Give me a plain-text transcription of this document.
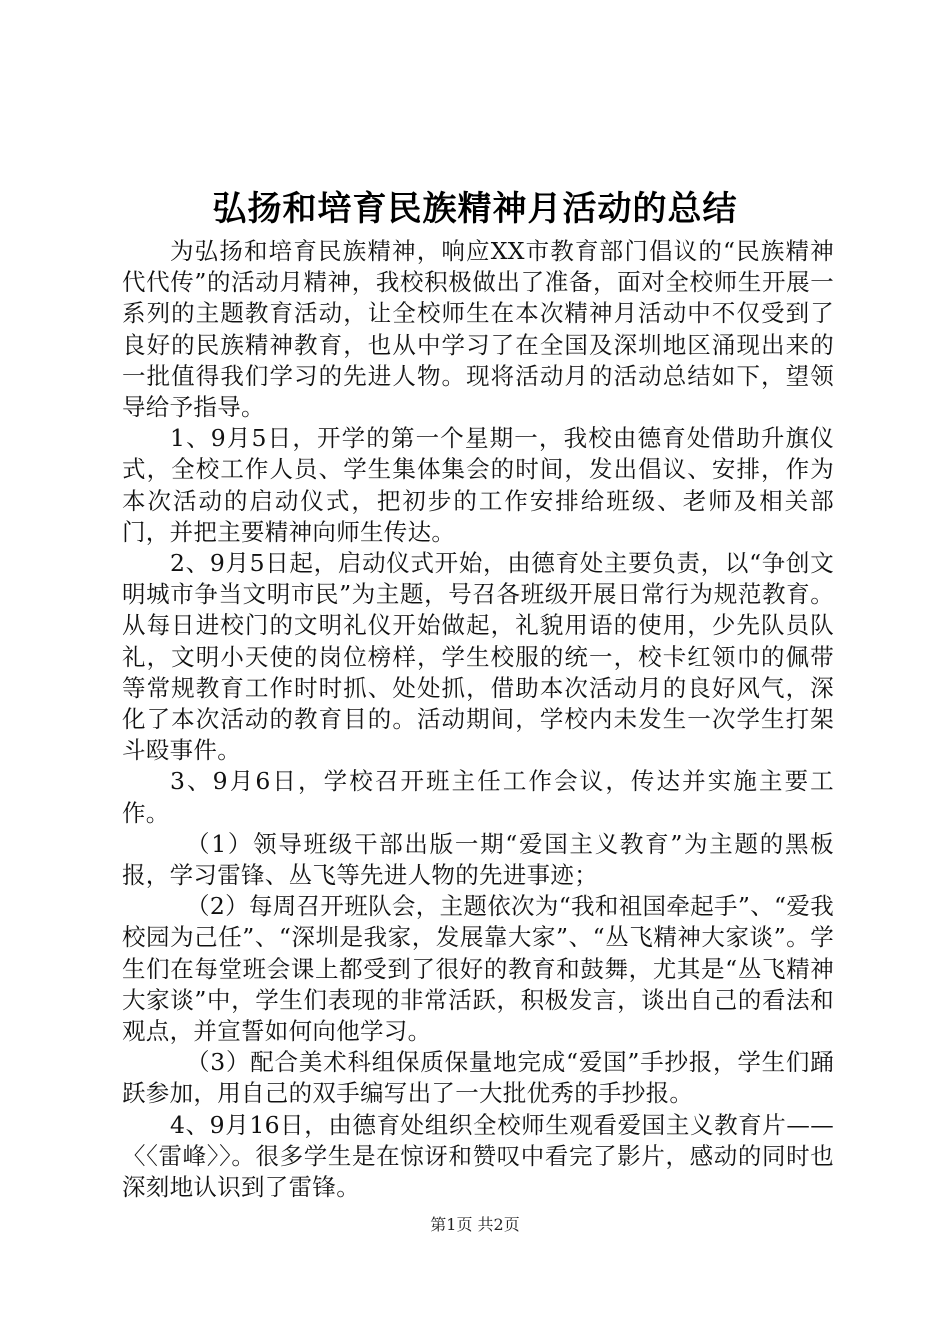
弘扬和培育民族精神月活动的总结

为弘扬和培育民族精神，响应XX市教育部门倡议的“民族精神代代传”的活动月精神，我校积极做出了准备，面对全校师生开展一系列的主题教育活动，让全校师生在本次精神月活动中不仅受到了良好的民族精神教育，也从中学习了在全国及深圳地区涌现出来的一批值得我们学习的先进人物。现将活动月的活动总结如下，望领导给予指导。

1、9月5日，开学的第一个星期一，我校由德育处借助升旗仪式，全校工作人员、学生集体集会的时间，发出倡议、安排，作为本次活动的启动仪式，把初步的工作安排给班级、老师及相关部门，并把主要精神向师生传达。

2、9月5日起，启动仪式开始，由德育处主要负责，以“争创文明城市争当文明市民”为主题，号召各班级开展日常行为规范教育。从每日进校门的文明礼仪开始做起，礼貌用语的使用，少先队员队礼，文明小天使的岗位榜样，学生校服的统一，校卡红领巾的佩带等常规教育工作时时抓、处处抓，借助本次活动月的良好风气，深化了本次活动的教育目的。活动期间，学校内未发生一次学生打架斗殴事件。

3、9月6日，学校召开班主任工作会议，传达并实施主要工作。

（1）领导班级干部出版一期“爱国主义教育”为主题的黑板报，学习雷锋、丛飞等先进人物的先进事迹；

（2）每周召开班队会，主题依次为“我和祖国牵起手”、“爱我校园为己任”、“深圳是我家，发展靠大家”、“丛飞精神大家谈”。学生们在每堂班会课上都受到了很好的教育和鼓舞，尤其是“丛飞精神大家谈”中，学生们表现的非常活跃，积极发言，谈出自己的看法和观点，并宣誓如何向他学习。

（3）配合美术科组保质保量地完成“爱国”手抄报，学生们踊跃参加，用自己的双手编写出了一大批优秀的手抄报。

4、9月16日，由德育处组织全校师生观看爱国主义教育片——〈〈雷峰〉〉。很多学生是在惊讶和赞叹中看完了影片，感动的同时也深刻地认识到了雷锋。

第1页 共2页
